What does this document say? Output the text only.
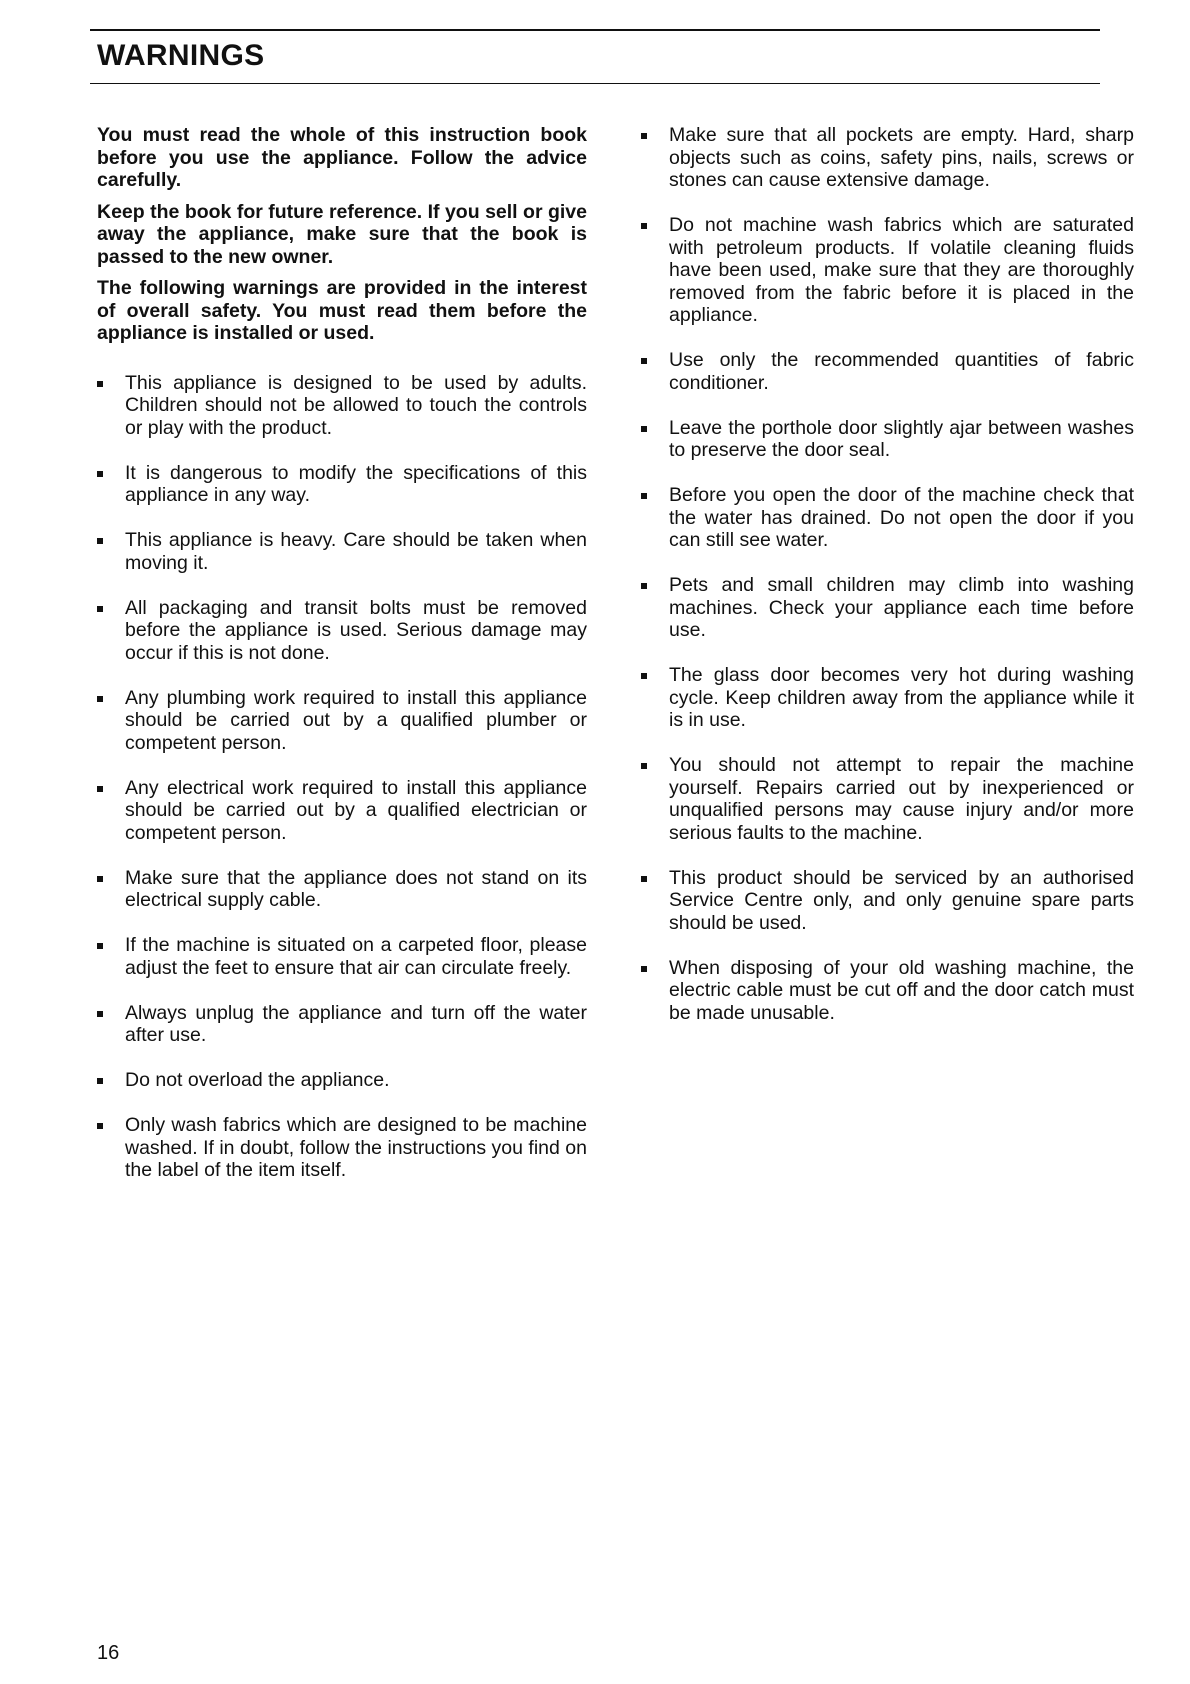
WARNINGS

You must read the whole of this instruction book before you use the appliance. Follow the advice carefully.

Keep the book for future reference. If you sell or give away the appliance, make sure that the book is passed to the new owner.

The following warnings are provided in the interest of overall safety. You must read them before the appliance is installed or used.

This appliance is designed to be used by adults. Children should not be allowed to touch the controls or play with the product.
It is dangerous to modify the specifications of this appliance in any way.
This appliance is heavy. Care should be taken when moving it.
All packaging and transit bolts must be removed before the appliance is used. Serious damage may occur if this is not done.
Any plumbing work required to install this appliance should be carried out by a qualified plumber or competent person.
Any electrical work required to install this appliance should be carried out by a qualified electrician or competent person.
Make sure that the appliance does not stand on its electrical supply cable.
If the machine is situated on a carpeted floor, please adjust the feet to ensure that air can circulate freely.
Always unplug the appliance and turn off the water after use.
Do not overload the appliance.
Only wash fabrics which are designed to be machine washed. If in doubt, follow the instructions you find on the label of the item itself.
Make sure that all pockets are empty. Hard, sharp objects such as coins, safety pins, nails, screws or stones can cause extensive damage.
Do not machine wash fabrics which are saturated with petroleum products. If volatile cleaning fluids have been used, make sure that they are thoroughly removed from the fabric before it is placed in the appliance.
Use only the recommended quantities of fabric conditioner.
Leave the porthole door slightly ajar between washes to preserve the door seal.
Before you open the door of the machine check that the water has drained. Do not open the door if you can still see water.
Pets and small children may climb into washing machines. Check your appliance each time before use.
The glass door becomes very hot during washing cycle. Keep children away from the appliance while it is in use.
You should not attempt to repair the machine yourself. Repairs carried out by inexperienced or unqualified persons may cause injury and/or more serious faults to the machine.
This product should be serviced by an authorised Service Centre only, and only genuine spare parts should be used.
When disposing of your old washing machine, the electric cable must be cut off and the door catch must be made unusable.
16
